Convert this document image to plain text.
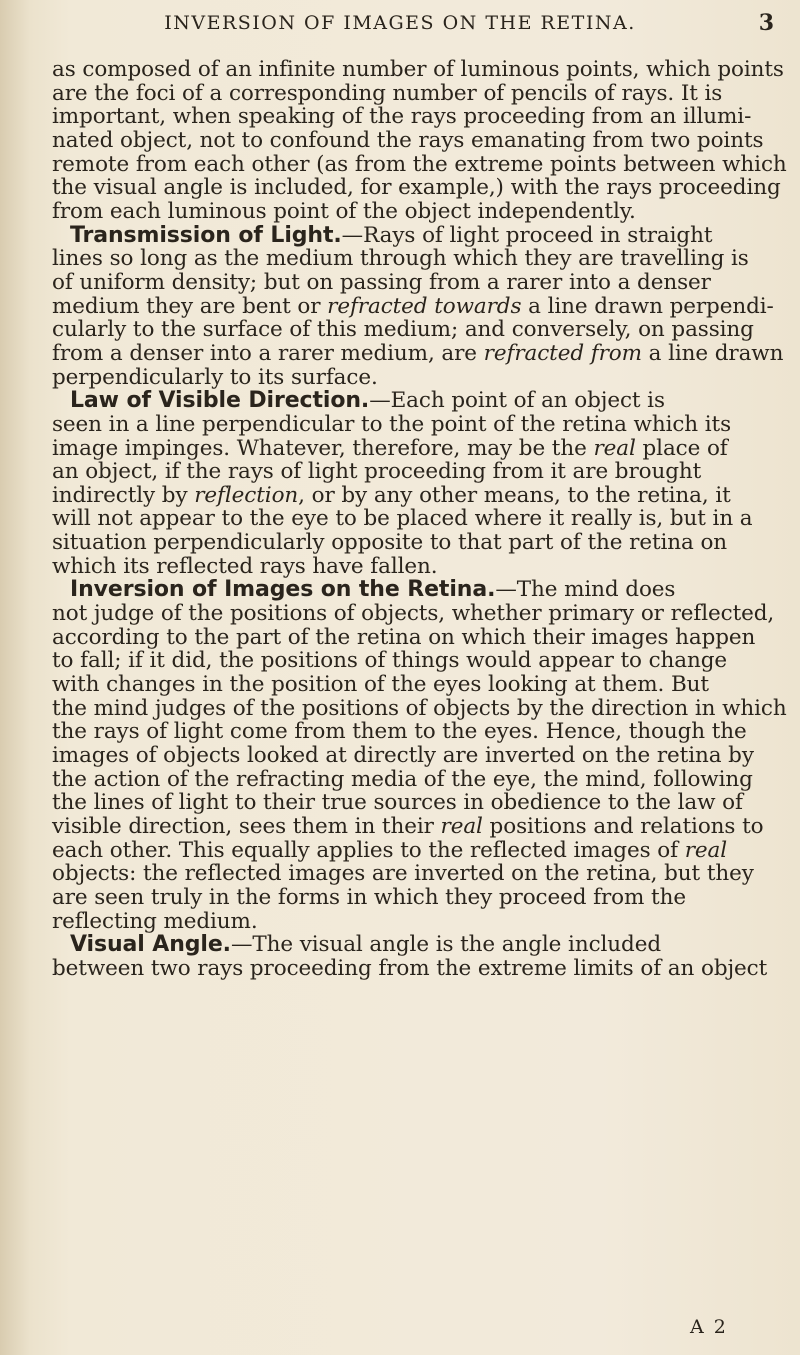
INVERSION OF IMAGES ON THE RETINA.	3
as composed of an infinite number of luminous points, which points
are the foci of a corresponding number of pencils of rays. It is
important, when speaking of the rays proceeding from an illumi-
nated object, not to confound the rays emanating from two points
remote from each other (as from the extreme points between which
the visual angle is included, for example,) with the rays proceeding
from each luminous point of the object independently.
Transmission of Light.—Rays of light proceed in straight
lines so long as the medium through which they are travelling is
of uniform density; but on passing from a rarer into a denser
medium they are bent or refracted towards a line drawn perpendi-
cularly to the surface of this medium; and conversely, on passing
from a denser into a rarer medium, are refracted from a line drawn
perpendicularly to its surface.
Law of Visible Direction.—Each point of an object is
seen in a line perpendicular to the point of the retina which its
image impinges. Whatever, therefore, may be the real place of
an object, if the rays of light proceeding from it are brought
indirectly by reflection, or by any other means, to the retina, it
will not appear to the eye to be placed where it really is, but in a
situation perpendicularly opposite to that part of the retina on
which its reflected rays have fallen.
Inversion of Images on the Retina.—The mind does
not judge of the positions of objects, whether primary or reflected,
according to the part of the retina on which their images happen
to fall; if it did, the positions of things would appear to change
with changes in the position of the eyes looking at them. But
the mind judges of the positions of objects by the direction in which
the rays of light come from them to the eyes. Hence, though the
images of objects looked at directly are inverted on the retina by
the action of the refracting media of the eye, the mind, following
the lines of light to their true sources in obedience to the law of
visible direction, sees them in their real positions and relations to
each other. This equally applies to the reflected images of real
objects: the reflected images are inverted on the retina, but they
are seen truly in the forms in which they proceed from the
reflecting medium.
Visual Angle.—The visual angle is the angle included
between two rays proceeding from the extreme limits of an object
A 2
